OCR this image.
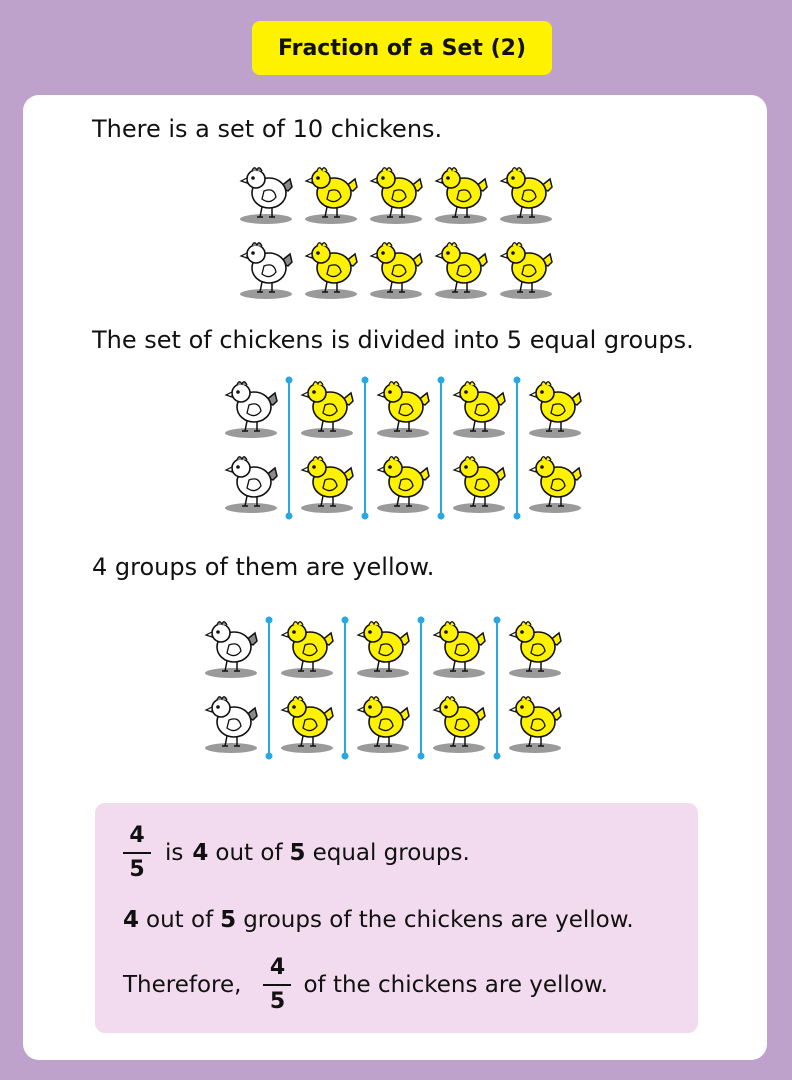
Fraction of a Set (2)
There is a set of 10 chickens.
The set of chickens is divided into 5 equal groups.
4 groups of them are yellow.
$\frac{4}{5}$ is 4 out of 5 equal groups.
4 out of 5 groups of the chickens are yellow.
Therefore, $\frac{4}{5}$ of the chickens are yellow.
